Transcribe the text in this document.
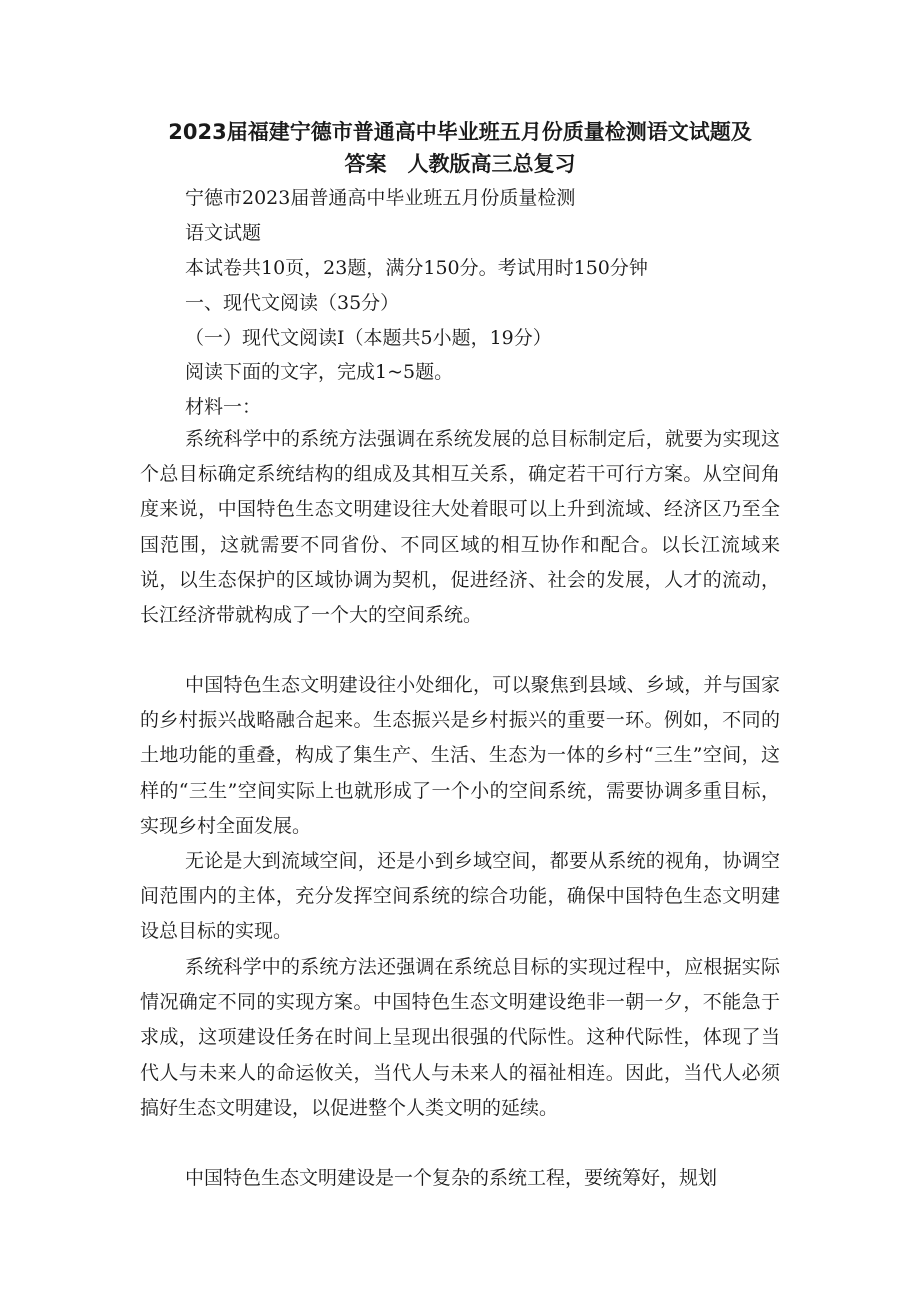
2023届福建宁德市普通高中毕业班五月份质量检测语文试题及
答案　人教版高三总复习

宁德市2023届普通高中毕业班五月份质量检测

语文试题

本试卷共10页，23题，满分150分。考试用时150分钟

一、现代文阅读（35分）

（一）现代文阅读Ⅰ（本题共5小题，19分）

阅读下面的文字，完成1~5题。

材料一：

系统科学中的系统方法强调在系统发展的总目标制定后，就要为实现这个总目标确定系统结构的组成及其相互关系，确定若干可行方案。从空间角度来说，中国特色生态文明建设往大处着眼可以上升到流域、经济区乃至全国范围，这就需要不同省份、不同区域的相互协作和配合。以长江流域来说，以生态保护的区域协调为契机，促进经济、社会的发展，人才的流动，长江经济带就构成了一个大的空间系统。

中国特色生态文明建设往小处细化，可以聚焦到县域、乡域，并与国家的乡村振兴战略融合起来。生态振兴是乡村振兴的重要一环。例如，不同的土地功能的重叠，构成了集生产、生活、生态为一体的乡村“三生”空间，这样的“三生”空间实际上也就形成了一个小的空间系统，需要协调多重目标，实现乡村全面发展。

无论是大到流域空间，还是小到乡域空间，都要从系统的视角，协调空间范围内的主体，充分发挥空间系统的综合功能，确保中国特色生态文明建设总目标的实现。

系统科学中的系统方法还强调在系统总目标的实现过程中，应根据实际情况确定不同的实现方案。中国特色生态文明建设绝非一朝一夕，不能急于求成，这项建设任务在时间上呈现出很强的代际性。这种代际性，体现了当代人与未来人的命运攸关，当代人与未来人的福祉相连。因此，当代人必须搞好生态文明建设，以促进整个人类文明的延续。

中国特色生态文明建设是一个复杂的系统工程，要统筹好，规划
